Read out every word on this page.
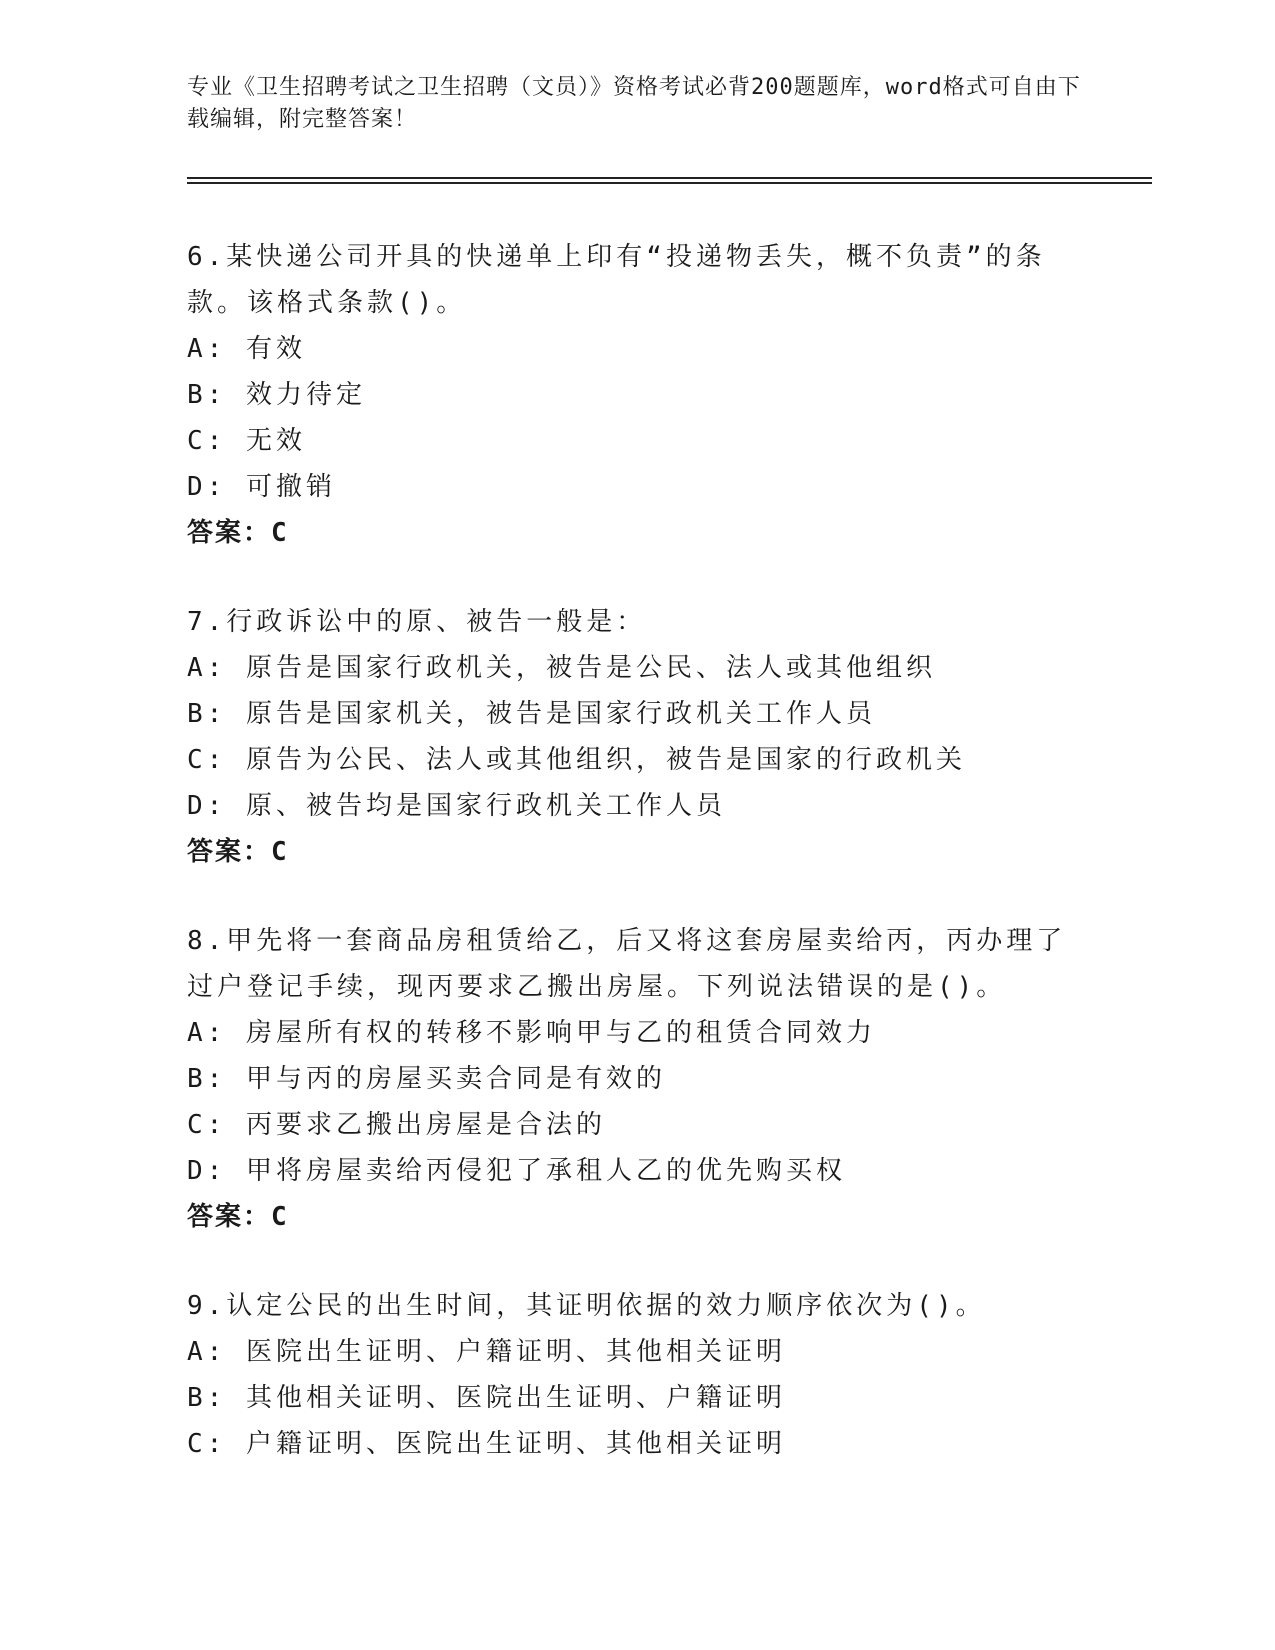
专业《卫生招聘考试之卫生招聘（文员）》资格考试必背200题题库，word格式可自由下载编辑，附完整答案！
6.某快递公司开具的快递单上印有“投递物丢失，概不负责”的条款。该格式条款()。
A: 有效
B: 效力待定
C: 无效
D: 可撤销
答案：C
7.行政诉讼中的原、被告一般是：
A: 原告是国家行政机关，被告是公民、法人或其他组织
B: 原告是国家机关，被告是国家行政机关工作人员
C: 原告为公民、法人或其他组织，被告是国家的行政机关
D: 原、被告均是国家行政机关工作人员
答案：C
8.甲先将一套商品房租赁给乙，后又将这套房屋卖给丙，丙办理了过户登记手续，现丙要求乙搬出房屋。下列说法错误的是()。
A: 房屋所有权的转移不影响甲与乙的租赁合同效力
B: 甲与丙的房屋买卖合同是有效的
C: 丙要求乙搬出房屋是合法的
D: 甲将房屋卖给丙侵犯了承租人乙的优先购买权
答案：C
9.认定公民的出生时间，其证明依据的效力顺序依次为()。
A: 医院出生证明、户籍证明、其他相关证明
B: 其他相关证明、医院出生证明、户籍证明
C: 户籍证明、医院出生证明、其他相关证明
